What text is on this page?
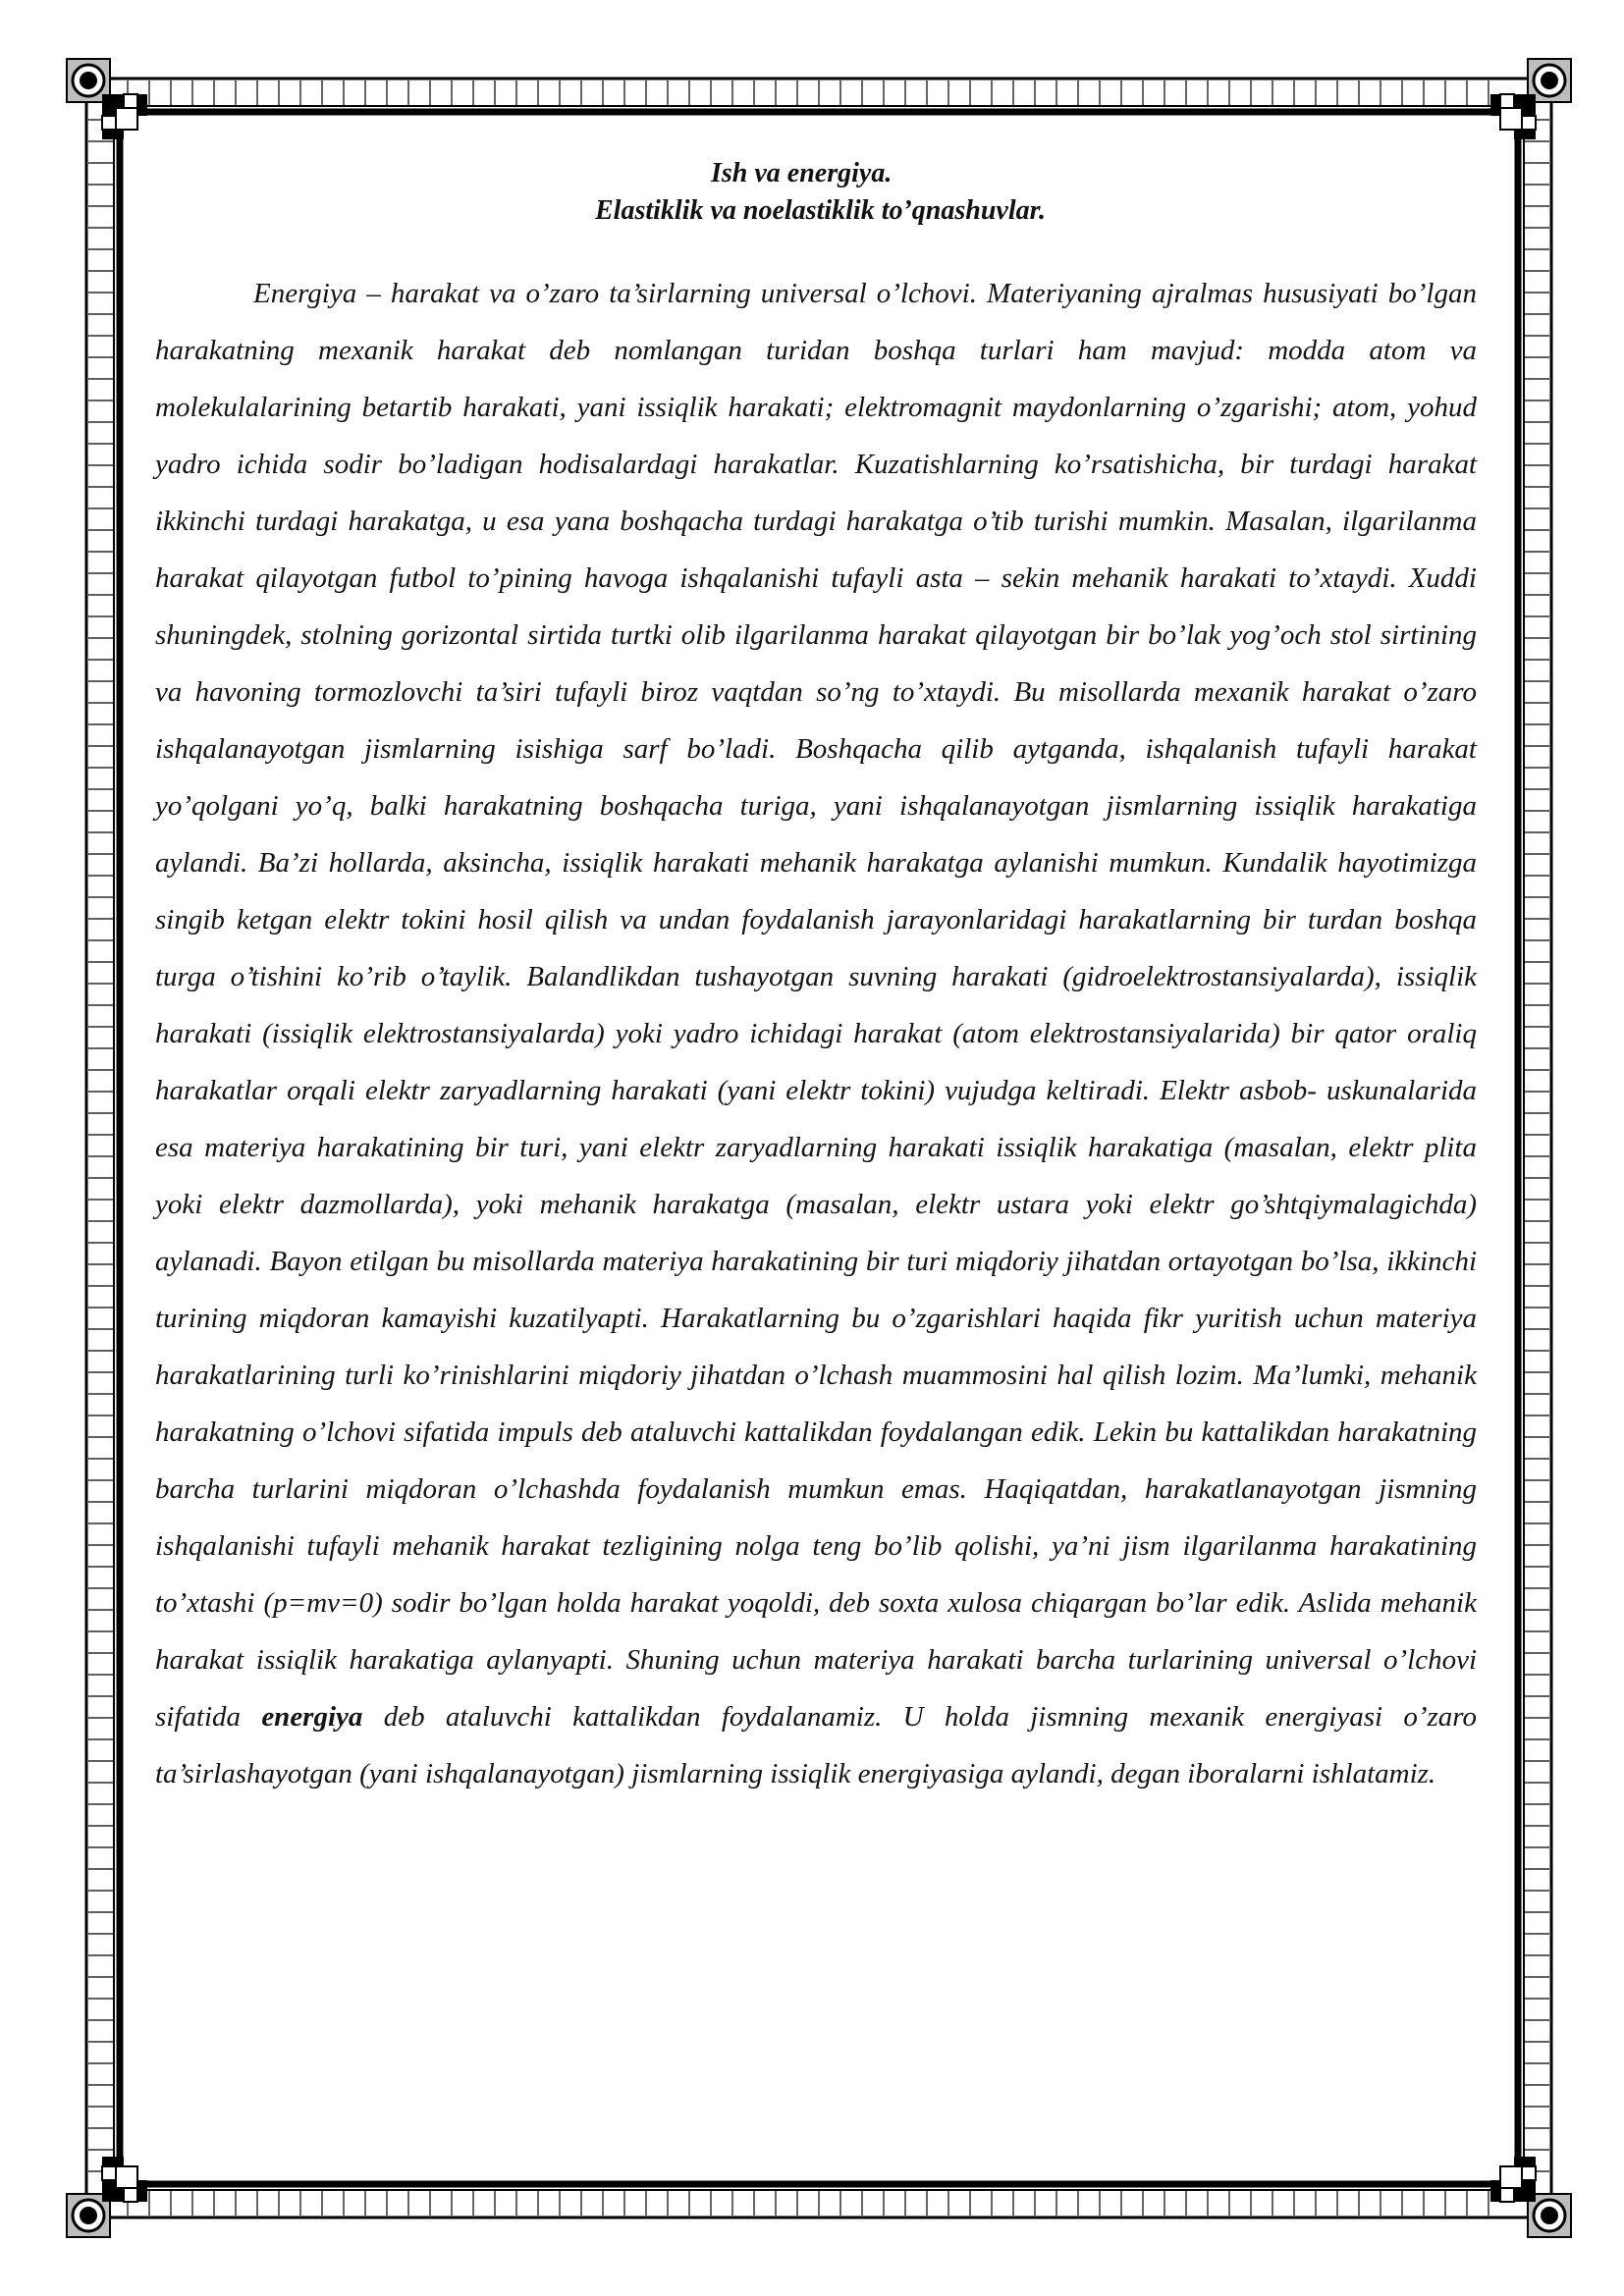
Ish va energiya.
Elastiklik va noelastiklik to’qnashuvlar.

Energiya – harakat va o’zaro ta’sirlarning universal o’lchovi. Materiyaning ajralmas hususiyati bo’lgan harakatning mexanik harakat deb nomlangan turidan boshqa turlari ham mavjud: modda atom va molekulalarining betartib harakati, yani issiqlik harakati; elektromagnit maydonlarning o’zgarishi; atom, yohud yadro ichida sodir bo’ladigan hodisalardagi harakatlar. Kuzatishlarning ko’rsatishicha, bir turdagi harakat ikkinchi turdagi harakatga, u esa yana boshqacha turdagi harakatga o’tib turishi mumkin. Masalan, ilgarilanma harakat qilayotgan futbol to’pining havoga ishqalanishi tufayli asta – sekin mehanik harakati to’xtaydi. Xuddi shuningdek, stolning gorizontal sirtida turtki olib ilgarilanma harakat qilayotgan bir bo’lak yog’och stol sirtining va havoning tormozlovchi ta’siri tufayli biroz vaqtdan so’ng to’xtaydi. Bu misollarda mexanik harakat o’zaro ishqalanayotgan jismlarning isishiga sarf bo’ladi. Boshqacha qilib aytganda, ishqalanish tufayli harakat yo’qolgani yo’q, balki harakatning boshqacha turiga, yani ishqalanayotgan jismlarning issiqlik harakatiga aylandi. Ba’zi hollarda, aksincha, issiqlik harakati mehanik harakatga aylanishi mumkun. Kundalik hayotimizga singib ketgan elektr tokini hosil qilish va undan foydalanish jarayonlaridagi harakatlarning bir turdan boshqa turga o’tishini ko’rib o’taylik. Balandlikdan tushayotgan suvning harakati (gidroelektrostansiyalarda), issiqlik harakati (issiqlik elektrostansiyalarda) yoki yadro ichidagi harakat (atom elektrostansiyalarida) bir qator oraliq harakatlar orqali elektr zaryadlarning harakati (yani elektr tokini) vujudga keltiradi. Elektr asbob- uskunalarida esa materiya harakatining bir turi, yani elektr zaryadlarning harakati issiqlik harakatiga (masalan, elektr plita yoki elektr dazmollarda), yoki mehanik harakatga (masalan, elektr ustara yoki elektr go’shtqiymalagichda) aylanadi. Bayon etilgan bu misollarda materiya harakatining bir turi miqdoriy jihatdan ortayotgan bo’lsa, ikkinchi turining miqdoran kamayishi kuzatilyapti. Harakatlarning bu o’zgarishlari haqida fikr yuritish uchun materiya harakatlarining turli ko’rinishlarini miqdoriy jihatdan o’lchash muammosini hal qilish lozim. Ma’lumki, mehanik harakatning o’lchovi sifatida impuls deb ataluvchi kattalikdan foydalangan edik. Lekin bu kattalikdan harakatning barcha turlarini miqdoran o’lchashda foydalanish mumkun emas. Haqiqatdan, harakatlanayotgan jismning ishqalanishi tufayli mehanik harakat tezligining nolga teng bo’lib qolishi, ya’ni jism ilgarilanma harakatining to’xtashi (p=mv=0) sodir bo’lgan holda harakat yoqoldi, deb soxta xulosa chiqargan bo’lar edik. Aslida mehanik harakat issiqlik harakatiga aylanyapti. Shuning uchun materiya harakati barcha turlarining universal o’lchovi sifatida energiya deb ataluvchi kattalikdan foydalanamiz. U holda jismning mexanik energiyasi o’zaro ta’sirlashayotgan (yani ishqalanayotgan) jismlarning issiqlik energiyasiga aylandi, degan iboralarni ishlatamiz.
